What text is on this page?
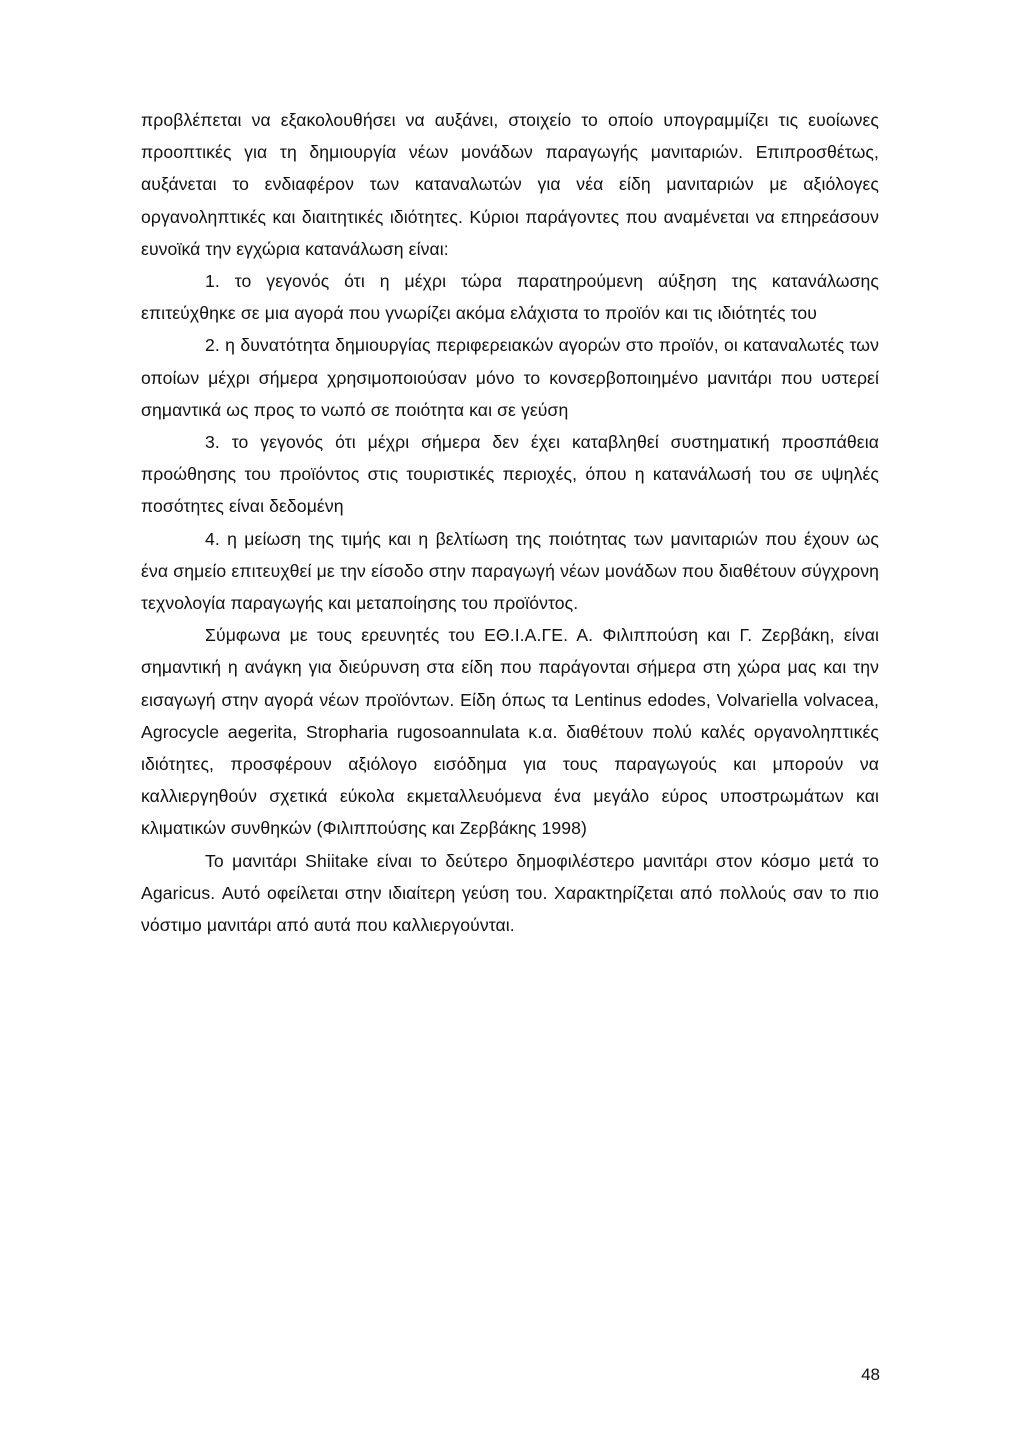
προβλέπεται να εξακολουθήσει να αυξάνει, στοιχείο το οποίο υπογραμμίζει τις ευοίωνες προοπτικές για τη δημιουργία νέων μονάδων παραγωγής μανιταριών. Επιπροσθέτως, αυξάνεται το ενδιαφέρον των καταναλωτών για νέα είδη μανιταριών με αξιόλογες οργανοληπτικές και διαιτητικές ιδιότητες. Κύριοι παράγοντες που αναμένεται να επηρεάσουν ευνοϊκά την εγχώρια κατανάλωση είναι:

1. το γεγονός ότι η μέχρι τώρα παρατηρούμενη αύξηση της κατανάλωσης επιτεύχθηκε σε μια αγορά που γνωρίζει ακόμα ελάχιστα το προϊόν και τις ιδιότητές του

2. η δυνατότητα δημιουργίας περιφερειακών αγορών στο προϊόν, οι καταναλωτές των οποίων μέχρι σήμερα χρησιμοποιούσαν μόνο το κονσερβοποιημένο μανιτάρι που υστερεί σημαντικά ως προς το νωπό σε ποιότητα και σε γεύση

3. το γεγονός ότι μέχρι σήμερα δεν έχει καταβληθεί συστηματική προσπάθεια προώθησης του προϊόντος στις τουριστικές περιοχές, όπου η κατανάλωσή του σε υψηλές ποσότητες είναι δεδομένη

4. η μείωση της τιμής και η βελτίωση της ποιότητας των μανιταριών που έχουν ως ένα σημείο επιτευχθεί με την είσοδο στην παραγωγή νέων μονάδων που διαθέτουν σύγχρονη τεχνολογία παραγωγής και μεταποίησης του προϊόντος.

Σύμφωνα με τους ερευνητές του ΕΘ.Ι.Α.ΓΕ. Α. Φιλιππούση και Γ. Ζερβάκη, είναι σημαντική η ανάγκη για διεύρυνση στα είδη που παράγονται σήμερα στη χώρα μας και την εισαγωγή στην αγορά νέων προϊόντων. Είδη όπως τα Lentinus edodes, Volvariella volvacea, Agrocycle aegerita, Stropharia rugosoannulata κ.α. διαθέτουν πολύ καλές οργανοληπτικές ιδιότητες, προσφέρουν αξιόλογο εισόδημα για τους παραγωγούς και μπορούν να καλλιεργηθούν σχετικά εύκολα εκμεταλλευόμενα ένα μεγάλο εύρος υποστρωμάτων και κλιματικών συνθηκών (Φιλιππούσης και Ζερβάκης 1998)

Το μανιτάρι Shiitake είναι το δεύτερο δημοφιλέστερο μανιτάρι στον κόσμο μετά το Agaricus. Αυτό οφείλεται στην ιδιαίτερη γεύση του. Χαρακτηρίζεται από πολλούς σαν το πιο νόστιμο μανιτάρι από αυτά που καλλιεργούνται.

48
